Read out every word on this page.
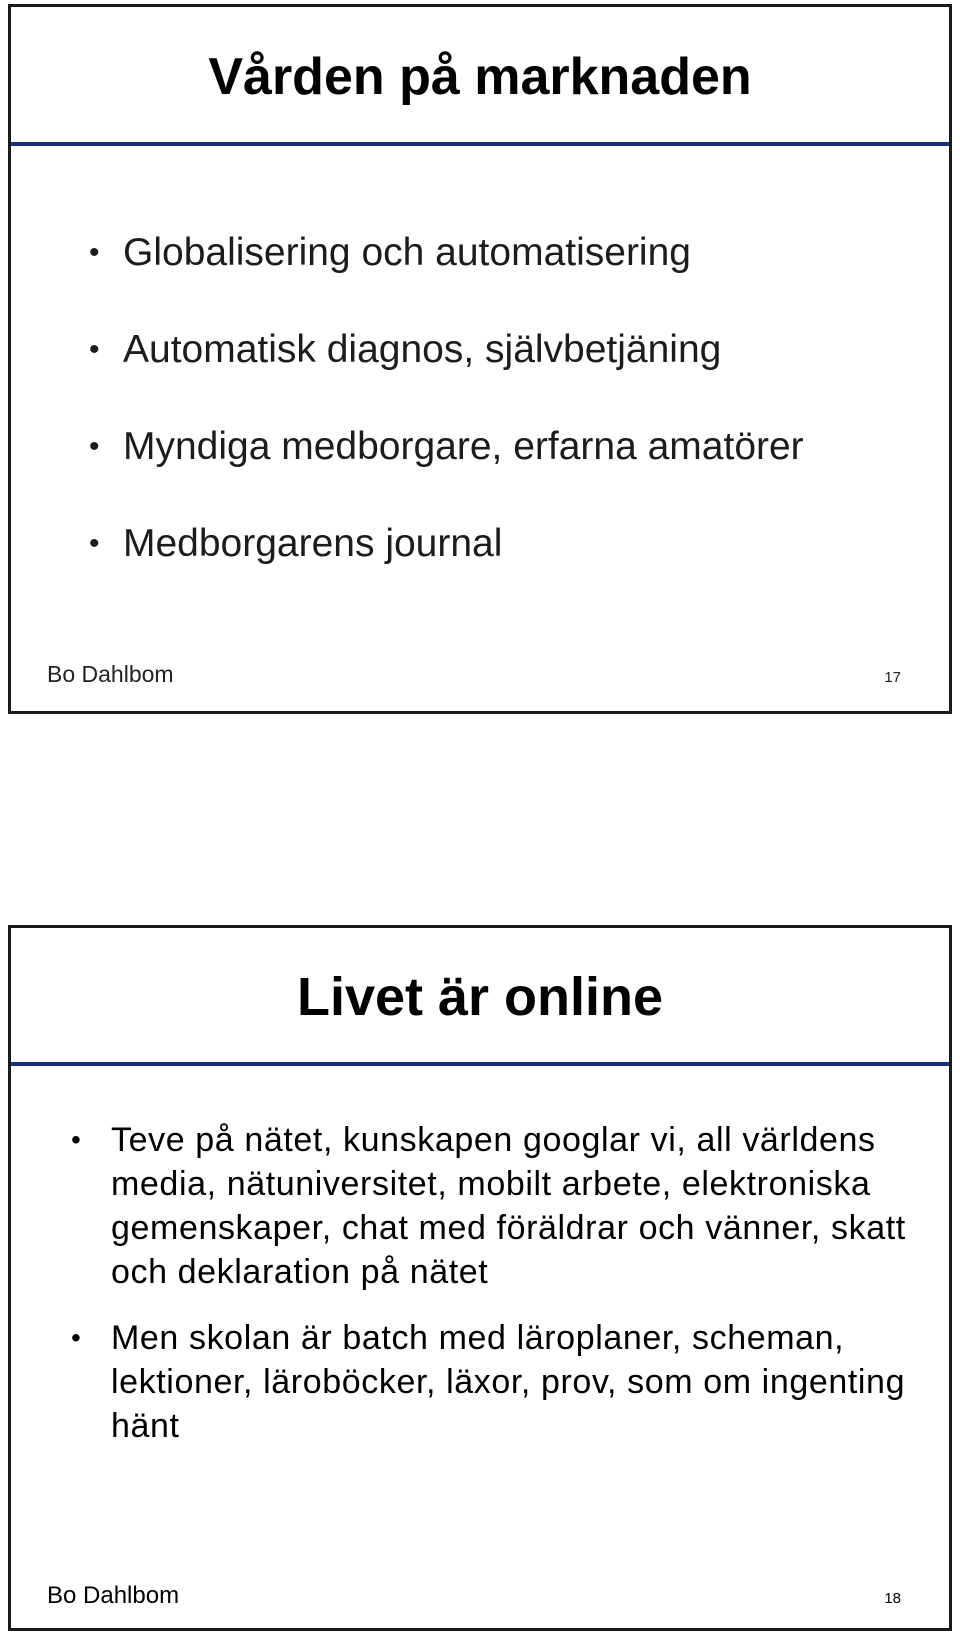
Vården på marknaden
• Globalisering och automatisering
• Automatisk diagnos, självbetjäning
• Myndiga medborgare, erfarna amatörer
• Medborgarens journal
Bo Dahlbom	17
Livet är online
• Teve på nätet, kunskapen googlar vi, all världens media, nätuniversitet, mobilt arbete, elektroniska gemenskaper, chat med föräldrar och vänner, skatt och deklaration på nätet
• Men skolan är batch med läroplaner, scheman, lektioner, läroböcker, läxor, prov, som om ingenting hänt
Bo Dahlbom	18
